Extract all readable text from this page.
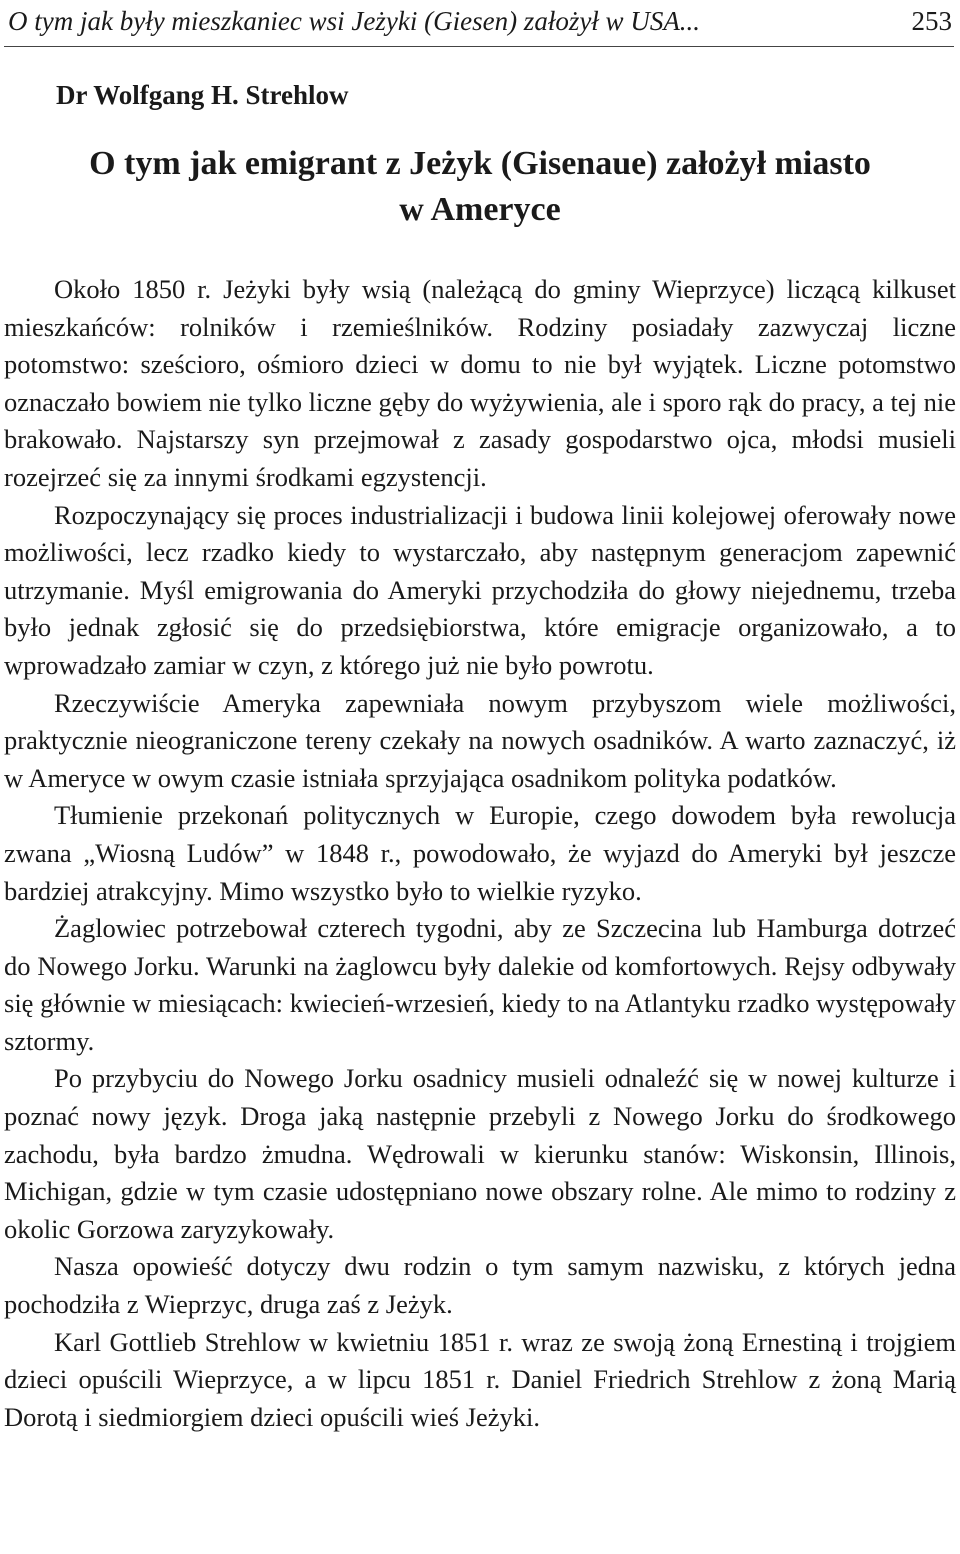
O tym jak były mieszkaniec wsi Jeżyki (Giesen) założył w USA...	253
Dr Wolfgang H. Strehlow
O tym jak emigrant z Jeżyk (Gisenaue) założył miasto
w Ameryce

Około 1850 r. Jeżyki były wsią (należącą do gminy Wieprzyce) liczącą kilkuset mieszkańców: rolników i rzemieślników. Rodziny posiadały zazwyczaj liczne potomstwo: sześcioro, ośmioro dzieci w domu to nie był wyjątek. Liczne potomstwo oznaczało bowiem nie tylko liczne gęby do wyżywienia, ale i sporo rąk do pracy, a tej nie brakowało. Najstarszy syn przejmował z zasady gospodarstwo ojca, młodsi musieli rozejrzeć się za innymi środkami egzystencji.

Rozpoczynający się proces industrializacji i budowa linii kolejowej oferowały nowe możliwości, lecz rzadko kiedy to wystarczało, aby następnym generacjom zapewnić utrzymanie. Myśl emigrowania do Ameryki przychodziła do głowy niejednemu, trzeba było jednak zgłosić się do przedsiębiorstwa, które emigracje organizowało, a to wprowadzało zamiar w czyn, z którego już nie było powrotu.

Rzeczywiście Ameryka zapewniała nowym przybyszom wiele możliwości, praktycznie nieograniczone tereny czekały na nowych osadników. A warto zaznaczyć, iż w Ameryce w owym czasie istniała sprzyjająca osadnikom polityka podatków.

Tłumienie przekonań politycznych w Europie, czego dowodem była rewolucja zwana „Wiosną Ludów” w 1848 r., powodowało, że wyjazd do Ameryki był jeszcze bardziej atrakcyjny. Mimo wszystko było to wielkie ryzyko.

Żaglowiec potrzebował czterech tygodni, aby ze Szczecina lub Hamburga dotrzeć do Nowego Jorku. Warunki na żaglowcu były dalekie od komfortowych. Rejsy odbywały się głównie w miesiącach: kwiecień-wrzesień, kiedy to na Atlantyku rzadko występowały sztormy.

Po przybyciu do Nowego Jorku osadnicy musieli odnaleźć się w nowej kulturze i poznać nowy język. Droga jaką następnie przebyli z Nowego Jorku do środkowego zachodu, była bardzo żmudna. Wędrowali w kierunku stanów: Wiskonsin, Illinois, Michigan, gdzie w tym czasie udostępniano nowe obszary rolne. Ale mimo to rodziny z okolic Gorzowa zaryzykowały.

Nasza opowieść dotyczy dwu rodzin o tym samym nazwisku, z których jedna pochodziła z Wieprzyc, druga zaś z Jeżyk.

Karl Gottlieb Strehlow w kwietniu 1851 r. wraz ze swoją żoną Ernestiną i trojgiem dzieci opuścili Wieprzyce, a w lipcu 1851 r. Daniel Friedrich Strehlow z żoną Marią Dorotą i siedmiorgiem dzieci opuścili wieś Jeżyki.
